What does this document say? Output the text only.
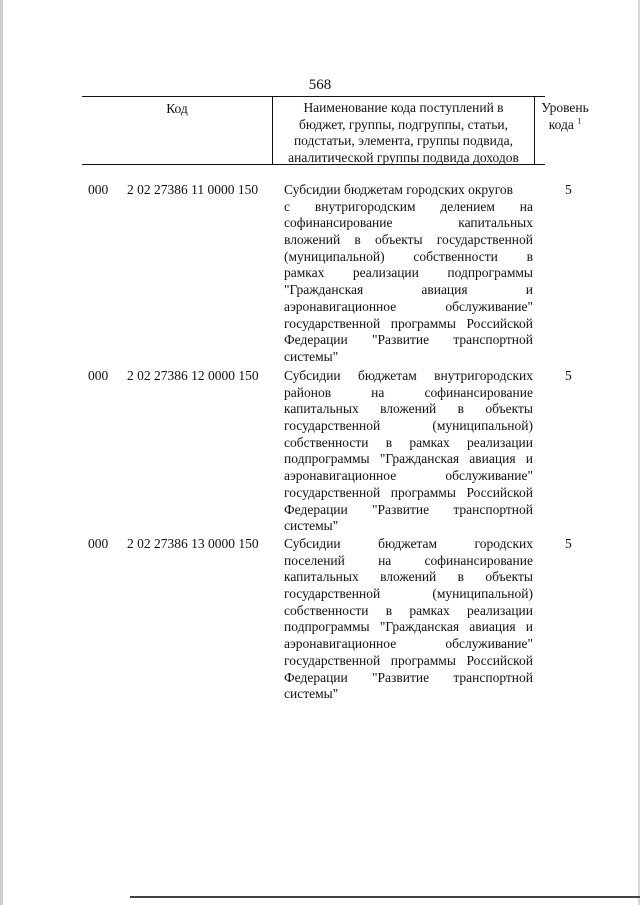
568
Код	Наименование кода поступлений в
бюджет, группы, подгруппы, статьи,
подстатьи, элемента, группы подвида,
аналитической группы подвида доходов
Уровень
кода $^1$
000 2 02 27386 11 0000 150 Субсидии бюджетам городских округов
с внутригородским делением на
софинансирование капитальных
вложений в объекты государственной
(муниципальной) собственности в
рамках реализации подпрограммы
"Гражданская авиация и
аэронавигационное обслуживание"
государственной программы Российской
Федерации "Развитие транспортной
системы"
5
000 2 02 27386 12 0000 150 Субсидии бюджетам внутригородских
районов на софинансирование
капитальных вложений в объекты
государственной (муниципальной)
собственности в рамках реализации
подпрограммы "Гражданская авиация и
аэронавигационное обслуживание"
государственной программы Российской
Федерации "Развитие транспортной
системы"
5
000 2 02 27386 13 0000 150 Субсидии бюджетам городских
поселений на софинансирование
капитальных вложений в объекты
государственной (муниципальной)
собственности в рамках реализации
подпрограммы "Гражданская авиация и
аэронавигационное обслуживание"
государственной программы Российской
Федерации "Развитие транспортной
системы"
5
